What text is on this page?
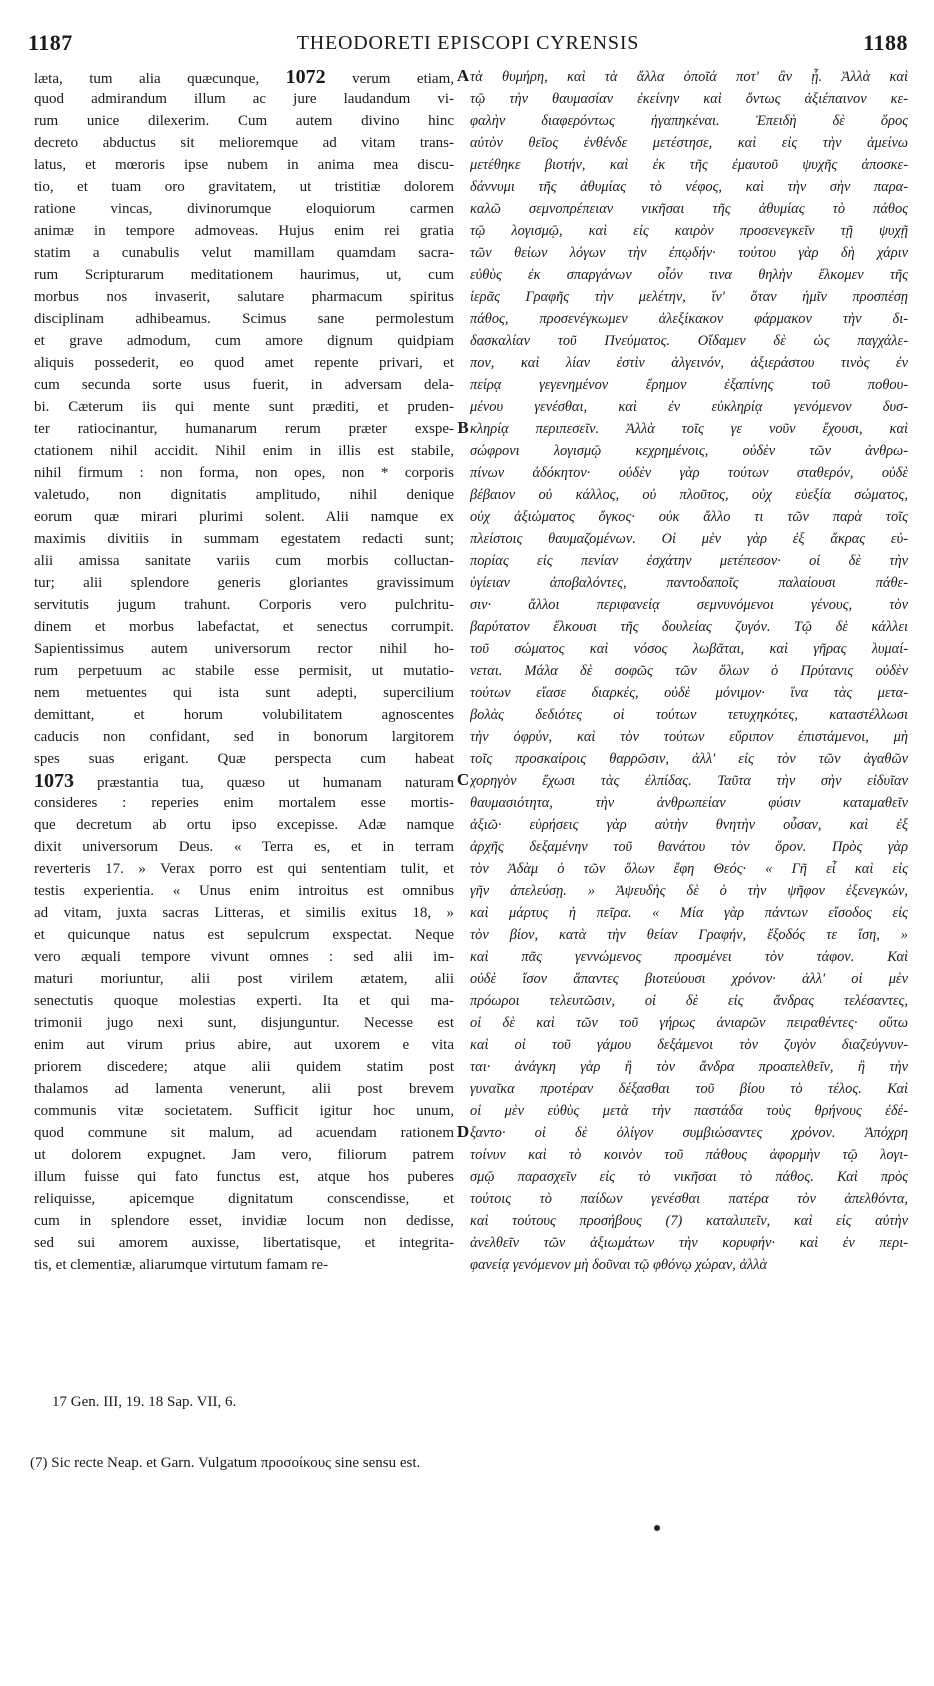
1187	THEODORETI EPISCOPI CYRENSIS	1188
læta, tum alia quæcunque, 1072 verum etiam,
quod admirandum illum ac jure laudandum vi-
rum unice dilexerim. Cum autem divino hinc
decreto abductus sit melioremque ad vitam trans-
latus, et mœroris ipse nubem in anima mea discu-
tio, et tuam oro gravitatem, ut tristitiæ dolorem
ratione vincas, divinorumque eloquiorum carmen
animæ in tempore admoveas. Hujus enim rei gratia
statim a cunabulis velut mamillam quamdam sacra-
rum Scripturarum meditationem haurimus, ut, cum
morbus nos invaserit, salutare pharmacum spiritus
disciplinam adhibeamus. Scimus sane permolestum
et grave admodum, cum amore dignum quidpiam
aliquis possederit, eo quod amet repente privari, et
cum secunda sorte usus fuerit, in adversam dela-
bi. Cæterum iis qui mente sunt præditi, et pruden-
ter ratiocinantur, humanarum rerum præter exspe-
ctationem nihil accidit. Nihil enim in illis est stabile,
nihil firmum : non forma, non opes, non * corporis
valetudo, non dignitatis amplitudo, nihil denique
eorum quæ mirari plurimi solent. Alii namque ex
maximis divitiis in summam egestatem redacti sunt;
alii amissa sanitate variis cum morbis colluctan-
tur; alii splendore generis gloriantes gravissimum
servitutis jugum trahunt. Corporis vero pulchritu-
dinem et morbus labefactat, et senectus corrumpit.
Sapientissimus autem universorum rector nihil ho-
rum perpetuum ac stabile esse permisit, ut mutatio-
nem metuentes qui ista sunt adepti, supercilium
demittant, et horum volubilitatem agnoscentes
caducis non confidant, sed in bonorum largitorem
spes suas erigant. Quæ perspecta cum habeat
1073 præstantia tua, quæso ut humanam naturam
consideres : reperies enim mortalem esse mortis-
que decretum ab ortu ipso excepisse. Adæ namque
dixit universorum Deus. « Terra es, et in terram
reverteris 17. » Verax porro est qui sententiam tulit, et
testis experientia. « Unus enim introitus est omnibus
ad vitam, juxta sacras Litteras, et similis exitus 18, »
et quicunque natus est sepulcrum exspectat. Neque
vero æquali tempore vivunt omnes : sed alii im-
maturi moriuntur, alii post virilem ætatem, alii
senectutis quoque molestias experti. Ita et qui ma-
trimonii jugo nexi sunt, disjunguntur. Necesse est
enim aut virum prius abire, aut uxorem e vita
priorem discedere; atque alii quidem statim post
thalamos ad lamenta venerunt, alii post brevem
communis vitæ societatem. Sufficit igitur hoc unum,
quod commune sit malum, ad acuendam rationem
ut dolorem expugnet. Jam vero, filiorum patrem
illum fuisse qui fato functus est, atque hos puberes
reliquisse, apicemque dignitatum conscendisse, et
cum in splendore esset, invidiæ locum non dedisse,
sed sui amorem auxisse, libertatisque, et integrita-
tis, et clementiæ, aliarumque virtutum famam re-
τὰ θυμήρη, καὶ τὰ ἄλλα ὁποῖά ποτ' ἂν ᾖ. Ἀλλὰ καὶ
τῷ τὴν θαυμασίαν ἐκείνην καὶ ὄντως ἀξιέπαινον κε-
φαλὴν διαφερόντως ἠγαπηκέναι. Ἐπειδὴ δὲ ὅρος
αὐτὸν θεῖος ἐνθένδε μετέστησε, καὶ εἰς τὴν ἀμείνω
μετέθηκε βιοτήν, καὶ ἐκ τῆς ἐμαυτοῦ ψυχῆς ἀποσκε-
δάννυμι τῆς ἀθυμίας τὸ νέφος, καὶ τὴν σὴν παρα-
καλῶ σεμνοπρέπειαν νικῆσαι τῆς ἀθυμίας τὸ πάθος
τῷ λογισμῷ, καὶ εἰς καιρὸν προσενεγκεῖν τῇ ψυχῇ
τῶν θείων λόγων τὴν ἐπῳδήν· τούτου γὰρ δὴ χάριν
εὐθὺς ἐκ σπαργάνων οἷόν τινα θηλὴν ἕλκομεν τῆς
ἱερᾶς Γραφῆς τὴν μελέτην, ἵν' ὅταν ἡμῖν προσπέσῃ
πάθος, προσενέγκωμεν ἀλεξίκακον φάρμακον τὴν δι-
δασκαλίαν τοῦ Πνεύματος. Οἴδαμεν δὲ ὡς παγχάλε-
πον, καὶ λίαν ἐστὶν ἀλγεινόν, ἀξιεράστου τινὸς ἐν
πείρᾳ γεγενημένον ἔρημον ἐξαπίνης τοῦ ποθου-
μένου γενέσθαι, καὶ ἐν εὐκληρίᾳ γενόμενον δυσ-
κληρίᾳ περιπεσεῖν. Ἀλλὰ τοῖς γε νοῦν ἔχουσι, καὶ
σώφρονι λογισμῷ κεχρημένοις, οὐδὲν τῶν ἀνθρω-
πίνων ἀδόκητον· οὐδὲν γὰρ τούτων σταθερόν, οὐδὲ
βέβαιον οὐ κάλλος, οὐ πλοῦτος, οὐχ εὐεξία σώματος,
οὐχ ἀξιώματος ὄγκος· οὐκ ἄλλο τι τῶν παρὰ τοῖς
πλείστοις θαυμαζομένων. Οἱ μὲν γὰρ ἐξ ἄκρας εὐ-
πορίας εἰς πενίαν ἐσχάτην μετέπεσον· οἱ δὲ τὴν
ὑγίειαν ἀποβαλόντες, παντοδαποῖς παλαίουσι πάθε-
σιν· ἄλλοι περιφανείᾳ σεμνυνόμενοι γένους, τὸν
βαρύτατον ἕλκουσι τῆς δουλείας ζυγόν. Τῷ δὲ κάλλει
τοῦ σώματος καὶ νόσος λωβᾶται, καὶ γῆρας λυμαί-
νεται. Μάλα δὲ σοφῶς τῶν ὅλων ὁ Πρύτανις οὐδὲν
τούτων εἴασε διαρκές, οὐδὲ μόνιμον· ἵνα τὰς μετα-
βολὰς δεδιότες οἱ τούτων τετυχηκότες, καταστέλλωσι
τὴν ὀφρύν, καὶ τὸν τούτων εὔριπον ἐπιστάμενοι, μὴ
τοῖς προσκαίροις θαρρῶσιν, ἀλλ' εἰς τὸν τῶν ἀγαθῶν
χορηγὸν ἔχωσι τὰς ἐλπίδας. Ταῦτα τὴν σὴν εἰδυῖαν
θαυμασιότητα, τὴν ἀνθρωπείαν φύσιν καταμαθεῖν
ἀξιῶ· εὑρήσεις γὰρ αὐτὴν θνητὴν οὖσαν, καὶ ἐξ
ἀρχῆς δεξαμένην τοῦ θανάτου τὸν ὅρον. Πρὸς γὰρ
τὸν Ἀδὰμ ὁ τῶν ὅλων ἔφη Θεός· « Γῆ εἶ καὶ εἰς
γῆν ἀπελεύσῃ. » Ἀψευδὴς δὲ ὁ τὴν ψῆφον ἐξενεγκών,
καὶ μάρτυς ἡ πεῖρα. « Μία γὰρ πάντων εἴσοδος εἰς
τὸν βίον, κατὰ τὴν θείαν Γραφήν, ἔξοδός τε ἴση, »
καὶ πᾶς γεννώμενος προσμένει τὸν τάφον. Καὶ
οὐδὲ ἴσον ἅπαντες βιοτεύουσι χρόνον· ἀλλ' οἱ μὲν
πρόωροι τελευτῶσιν, οἱ δὲ εἰς ἄνδρας τελέσαντες,
οἱ δὲ καὶ τῶν τοῦ γήρως ἀνιαρῶν πειραθέντες· οὕτω
καὶ οἱ τοῦ γάμου δεξάμενοι τὸν ζυγὸν διαζεύγνυν-
ται· ἀνάγκη γὰρ ἢ τὸν ἄνδρα προαπελθεῖν, ἢ τὴν
γυναῖκα προτέραν δέξασθαι τοῦ βίου τὸ τέλος. Καὶ
οἱ μὲν εὐθὺς μετὰ τὴν παστάδα τοὺς θρήνους ἐδέ-
ξαντο· οἱ δὲ ὀλίγον συμβιώσαντες χρόνον. Ἀπόχρη
τοίνυν καὶ τὸ κοινὸν τοῦ πάθους ἀφορμὴν τῷ λογι-
σμῷ παρασχεῖν εἰς τὸ νικῆσαι τὸ πάθος. Καὶ πρὸς
τούτοις τὸ παίδων γενέσθαι πατέρα τὸν ἀπελθόντα,
καὶ τούτους προσήβους (7) καταλιπεῖν, καὶ εἰς αὐτὴν
ἀνελθεῖν τῶν ἀξιωμάτων τὴν κορυφήν· καὶ ἐν περι-
φανείᾳ γενόμενον μὴ δοῦναι τῷ φθόνῳ χώραν, ἀλλὰ
A
B
C
D
17 Gen. III, 19. 18 Sap. VII, 6.
(7) Sic recte Neap. et Garn. Vulgatum προσοίκους sine sensu est.
